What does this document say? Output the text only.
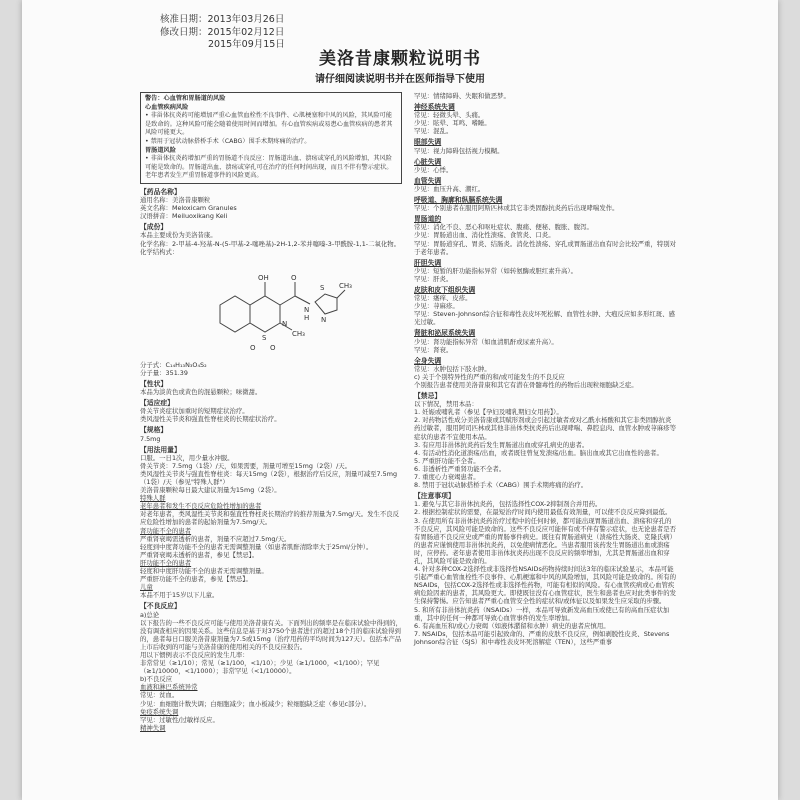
核准日期：2013年03月26日
修改日期：2015年02月12日
2015年09月15日
美洛昔康颗粒说明书
请仔细阅读说明书并在医师指导下使用

警告：心血管和胃肠道的风险

心血管疾病风险

• 非甾体抗炎药可能增加严重心血管血栓性不良事件、心肌梗塞和中风的风险，其风险可能是致命的。这种风险可能会随着使用时间而增加。有心血管疾病或易患心血管疾病的患者其风险可能更大。

• 禁用于冠状动脉搭桥手术（CABG）围手术期疼痛的治疗。

胃肠道风险

• 非甾体抗炎药增加严重的胃肠道不良反应：胃肠道出血、溃疡或穿孔的风险增加，其风险可能是致命的。胃肠道出血、溃疡或穿孔可在治疗的任何时间出现，而且不伴有警示症状。老年患者发生严重胃肠道事件的风险更高。

【药品名称】

通用名称：美洛昔康颗粒

英文名称：Meloxicam Granules

汉语拼音：Meiluoxikang Keli

【成份】

本品主要成份为美洛昔康。

化学名称：2-甲基-4-羟基-N-(5-甲基-2-噻唑基)-2H-1,2-苯并噻嗪-3-甲酰胺-1,1-二氧化物。

化学结构式：

OH	O
N
H
S
N
CH₃
S
N
CH₃
O O

分子式：C₁₄H₁₃N₃O₄S₂

分子量：351.39

【性状】

本品为淡黄色或黄色的混悬颗粒；味微甜。

【适应症】

骨关节炎症状加重时的短期症状治疗。

类风湿性关节炎和强直性脊柱炎的长期症状治疗。

【规格】

7.5mg

【用法用量】

口服。一日1次，用少量水冲服。

骨关节炎：7.5mg（1袋）/天，如果需要，剂量可增至15mg（2袋）/天。

类风湿性关节炎与强直性脊柱炎：每天15mg（2袋），根据治疗后反应，剂量可减至7.5mg（1袋）/天（参见"特殊人群"）

美洛昔康颗粒每日最大建议剂量为15mg（2袋）。

特殊人群

老年患者和发生不良反应危险性增加的患者

对老年患者，类风湿性关节炎和强直性脊柱炎长期治疗的推荐剂量为7.5mg/天。发生不良反应危险性增加的患者的起始剂量为7.5mg/天。

肾功能不全的患者

严重肾衰竭需透析的患者，剂量不应超过7.5mg/天。

轻度到中度肾功能不全的患者无需调整剂量（如患者肌酐清除率大于25ml/分钟）。

严重肾衰竭未透析的患者，参见【禁忌】。

肝功能不全的患者

轻度和中度肝功能不全的患者无需调整剂量。

严重肝功能不全的患者，参见【禁忌】。

儿童

本品不用于15岁以下儿童。

【不良反应】

a)总论

以下报告的一些不良反应可能与使用美洛昔康有关。下面列出的频率是在临床试验中得到的，没有调查相应的因果关系。这些信息是基于对3750个患者进行的超过18个月的临床试验得到的，患者每日口服美洛昔康剂量为7.5或15mg（治疗用药的平均时间为127天）。包括本产品上市后收到的可能与美洛昔康的使用相关的不良反应报告。

用以下惯例表示不良反应的发生几率：

非常常见（≥1/10）；常见（≥1/100，<1/10）；少见（≥1/1000，<1/100）；罕见（≥1/10000，<1/1000）；非常罕见（<1/10000）。

b)不良反应

血液和淋巴系统异常

常见：贫血。

少见：血细胞计数失调；白细胞减少；血小板减少；粒细胞缺乏症（参见c部分）。

免疫系统失调

罕见：过敏性/过敏样反应。

精神失调

罕见：情绪障碍、失眠和做恶梦。

神经系统失调

常见：轻微头晕、头痛。

少见：眩晕、耳鸣、嗜睡。

罕见：混乱。

眼部失调

罕见：视力障碍包括视力模糊。

心脏失调

少见：心悸。

血管失调

少见：血压升高、潮红。

呼吸道、胸廓和纵膈系统失调

罕见：个别患者在服用阿斯匹林或其它非类固醇抗炎药后出现哮喘发作。

胃肠道的

常见：消化不良、恶心和呕吐症状、腹痛、便秘、腹胀、腹泻。

少见：胃肠道出血、消化性溃疡、食管炎、口炎。

罕见：胃肠道穿孔、胃炎、结肠炎。消化性溃疡、穿孔或胃肠道出血有时会比较严重，特别对于老年患者。

肝胆失调

少见：短暂的肝功能指标异常（如转氨酶或胆红素升高）。

罕见：肝炎。

皮肤和皮下组织失调

常见：瘙痒、皮疹。

少见：荨麻疹。

罕见：Steven-Johnson综合征和毒性表皮坏死松解、血管性水肿、大疱反应如多形红斑、感光过敏。

肾脏和泌尿系统失调

少见：肾功能指标异常（如血清肌酐或尿素升高）。

罕见：肾衰。

全身失调

常见：水肿包括下肢水肿。

c) 关于个别特异性的严重的和/或可能发生的不良反应

个别报告患者使用美洛昔康和其它有潜在骨髓毒性的药物后出现粒细胞缺乏症。

【禁忌】

以下情况，禁用本品：

1. 妊娠或哺乳者（参见【孕妇及哺乳期妇女用药】）。

2. 对药物活性成分美洛昔康或其赋形剂或会引起过敏者或对乙酰水杨酸和其它非类固醇抗炎药过敏者，服用阿司匹林或其他非甾体类抗炎药后出现哮喘、鼻腔息肉、血管水肿或荨麻疹等症状的患者不宜使用本品。

3. 有应用非甾体抗炎药后发生胃肠道出血或穿孔病史的患者。

4. 有活动性消化道溃疡/出血，或者既往曾复发溃疡/出血。脑出血或其它出血性的患者。

5. 严重肝功能不全者。

6. 非透析性严重肾功能不全者。

7. 重度心力衰竭患者。

8. 禁用于冠状动脉搭桥手术（CABG）围手术期疼痛的治疗。

【注意事项】

1. 避免与其它非甾体抗炎药，包括选择性COX-2抑制剂合并用药。

2. 根据控制症状的需要，在最短治疗时间内使用最低有效剂量，可以使不良反应降到最低。

3. 在使用所有非甾体抗炎药治疗过程中的任何时候，都可能出现胃肠道出血、溃疡和穿孔的不良反应，其风险可能是致命的。这些不良反应可能伴有或不伴有警示症状，也无论患者是否有胃肠道不良反应史或严重的胃肠事件病史。既往有胃肠道病史（溃疡性大肠炎、克隆氏病）的患者应谨慎使用非甾体抗炎药，以免使病情恶化。当患者服用该药发生胃肠道出血或溃疡时，应停药。老年患者使用非甾体抗炎药出现不良反应的频率增加，尤其是胃肠道出血和穿孔，其风险可能是致命的。

4. 针对多种COX-2选择性或非选择性NSAIDs药物持续时间达3年的临床试验显示，本品可能引起严重心血管血栓性不良事件、心肌梗塞和中风的风险增加，其风险可能是致命的。所有的NSAIDs，包括COX-2选择性或非选择性药物，可能有相似的风险。有心血管疾病或心血管疾病危险因素的患者，其风险更大。即使既往没有心血管症状，医生和患者也应对此类事件的发生保持警惕。应告知患者严重心血管安全性的症状和/或体征以及如果发生应采取的步骤。

5. 和所有非甾体抗炎药（NSAIDs）一样，本品可导致新发高血压或使已有的高血压症状加重，其中的任何一种都可导致心血管事件的发生率增加。

6. 有高血压和/或心力衰竭（如液体潴留和水肿）病史的患者应慎用。

7. NSAIDs，包括本品可能引起致命的、严重的皮肤不良反应，例如剥脱性皮炎、Stevens Johnson综合征（SJS）和中毒性表皮坏死溶解症（TEN），这些严重事
